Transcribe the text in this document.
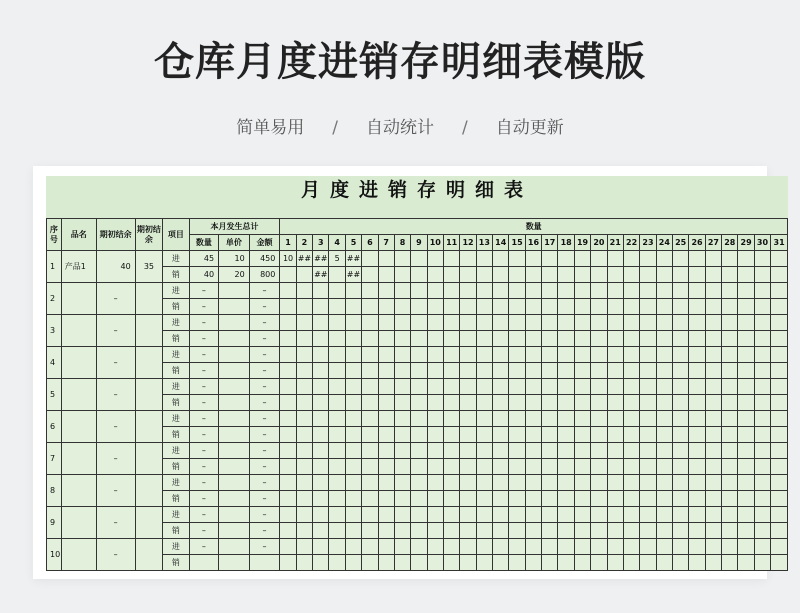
仓库月度进销存明细表模版
简单易用 / 自动统计 / 自动更新
月度进销存明细表
序号	品名	期初结余	期初结余	项目	本月发生总计			数量																														
					数量	单价	金额	1	2	3	4	5	6	7	8	9	10	11	12	13	14	15	16	17	18	19	20	21	22	23	24	25	26	27	28	29	30	31
1	产品1	40	35	进	45	10	450	10	##	##	5	##																										
				销	40	20	800			##		##																										
2		–		进	–		–																															
				销	–		–																															
3		–		进	–		–																															
				销	–		–																															
4		–		进	–		–																															
				销	–		–																															
5		–		进	–		–																															
				销	–		–																															
6		–		进	–		–																															
				销	–		–																															
7		–		进	–		–																															
				销	–		–																															
8		–		进	–		–																															
				销	–		–																															
9		–		进	–		–																															
				销	–		–																															
10		–		进	–		–																															
				销																																		
